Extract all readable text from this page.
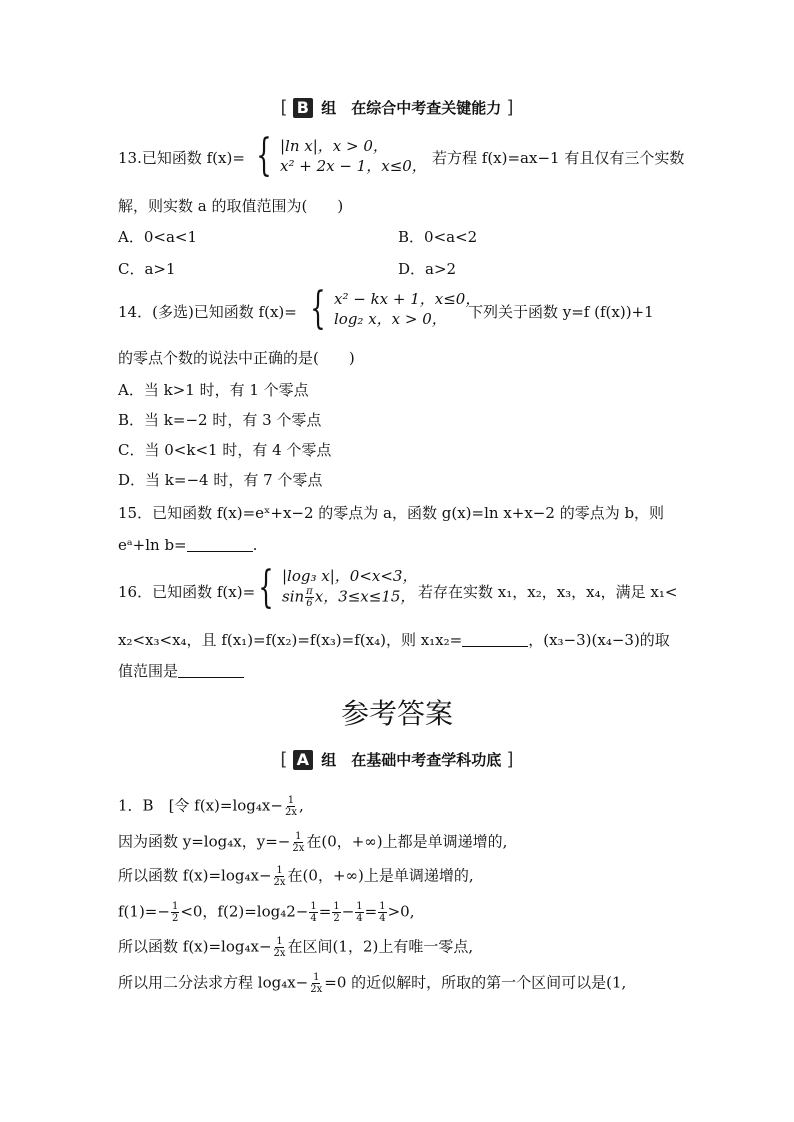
[ B 组　在综合中考查关键能力 ]
13.已知函数 f(x)= { |ln x|，x > 0，
x² + 2x − 1，x≤0， 若方程 f(x)=ax−1 有且仅有三个实数
解，则实数 a 的取值范围为(　　)
A．0<a<1	B．0<a<2
C．a>1	D．a>2
14．(多选)已知函数 f(x)= { x² − kx + 1，x≤0，
log₂ x，x > 0，	下列关于函数 y=f (f(x))+1
的零点个数的说法中正确的是(　　)
A．当 k>1 时，有 1 个零点
B．当 k=−2 时，有 3 个零点
C．当 0<k<1 时，有 4 个零点
D．当 k=−4 时，有 7 个零点
15．已知函数 f(x)=eˣ+x−2 的零点为 a，函数 g(x)=ln x+x−2 的零点为 b，则
eᵃ+ln b=	.
16．已知函数 f(x)= { |log₃ x|，0<x<3，
$\sin \frac{\pi}{6}$ x，3≤x≤15， 若存在实数 x₁，x₂，x₃，x₄，满足 x₁<
x₂<x₃<x₄，且 f(x₁)=f(x₂)=f(x₃)=f(x₄)，则 x₁x₂=	，(x₃−3)(x₄−3)的取
值范围是
参考答案
[ A 组　在基础中考查学科功底 ]
1．B　[令 $f(x)=\log_4x- \frac{1}{2x}$ ,
因为函数 y=log₄x，$y=- \frac{1}{2x}$ 在(0，+∞)上都是单调递增的,
所以函数 $f(x)=\log_4x- \frac{1}{2x}$ 在(0，+∞)上是单调递增的,
$f(1)=- \frac{1}{2} <0$，$f(2)=\log_42- \frac{1}{4} = \frac{1}{2} - \frac{1}{4} = \frac{1}{4} >0$,
所以函数 $f(x)=\log_4x- \frac{1}{2x}$ 在区间(1，2)上有唯一零点,
所以用二分法求方程 $\log_4x- \frac{1}{2x} =0$ 的近似解时，所取的第一个区间可以是(1,
